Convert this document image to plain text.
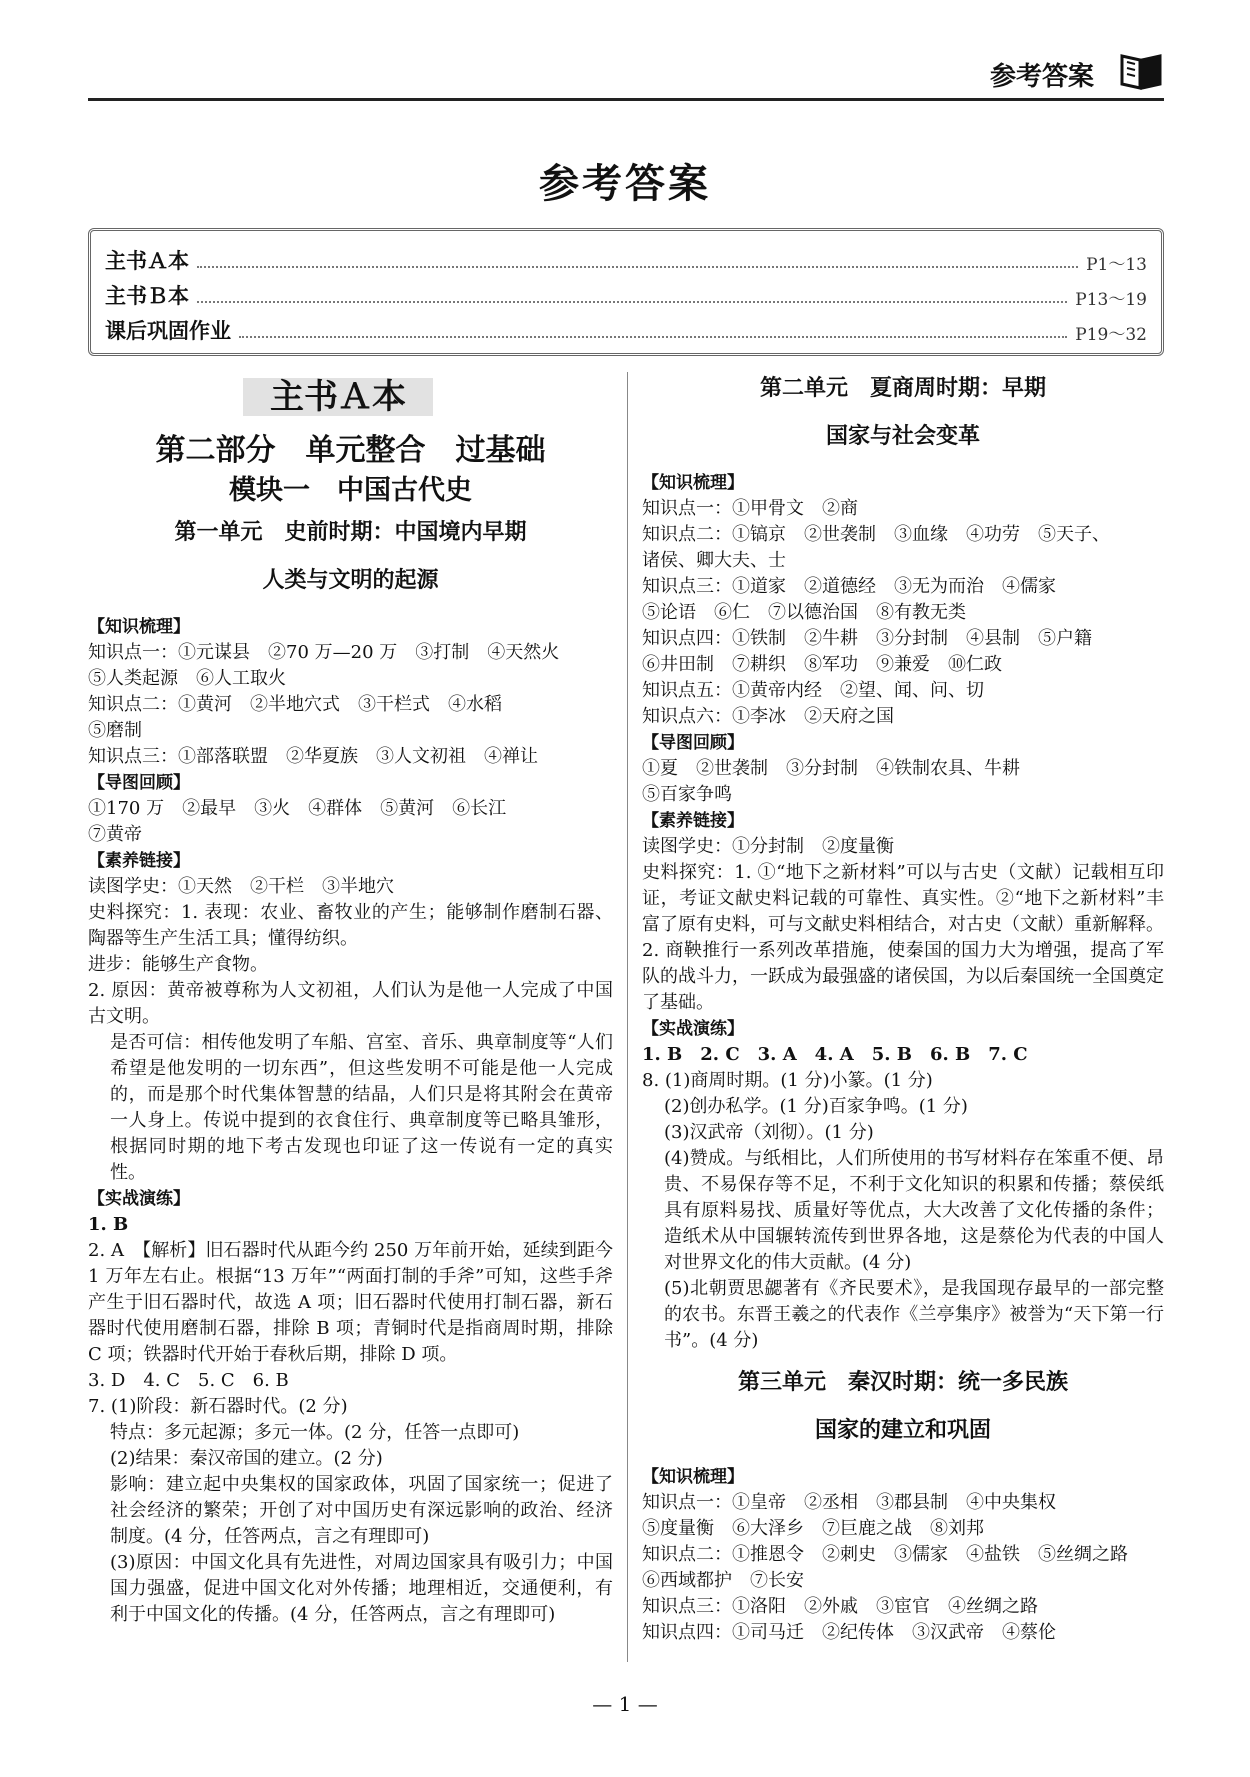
参考答案
参考答案
主书Ａ本	P1～13
主书Ｂ本	P13～19
课后巩固作业	P19～32
主书Ａ本
第二部分　单元整合　过基础
模块一　中国古代史
第一单元　史前时期：中国境内早期
人类与文明的起源
【知识梳理】
知识点一：①元谋县　②70 万—20 万　③打制　④天然火
⑤人类起源　⑥人工取火
知识点二：①黄河　②半地穴式　③干栏式　④水稻
⑤磨制
知识点三：①部落联盟　②华夏族　③人文初祖　④禅让
【导图回顾】
①170 万　②最早　③火　④群体　⑤黄河　⑥长江
⑦黄帝
【素养链接】
读图学史：①天然　②干栏　③半地穴
史料探究：1. 表现：农业、畜牧业的产生；能够制作磨制石器、陶器等生产生活工具；懂得纺织。
进步：能够生产食物。
2. 原因：黄帝被尊称为人文初祖，人们认为是他一人完成了中国古文明。
是否可信：相传他发明了车船、宫室、音乐、典章制度等“人们希望是他发明的一切东西”，但这些发明不可能是他一人完成的，而是那个时代集体智慧的结晶，人们只是将其附会在黄帝一人身上。传说中提到的衣食住行、典章制度等已略具雏形，根据同时期的地下考古发现也印证了这一传说有一定的真实性。
【实战演练】
1. B
2. A　【解析】旧石器时代从距今约 250 万年前开始，延续到距今 1 万年左右止。根据“13 万年”“两面打制的手斧”可知，这些手斧产生于旧石器时代，故选 A 项；旧石器时代使用打制石器，新石器时代使用磨制石器，排除 B 项；青铜时代是指商周时期，排除 C 项；铁器时代开始于春秋后期，排除 D 项。
3. D　4. C　5. C　6. B
7. (1)阶段：新石器时代。(2 分)
特点：多元起源；多元一体。(2 分，任答一点即可)
(2)结果：秦汉帝国的建立。(2 分)
影响：建立起中央集权的国家政体，巩固了国家统一；促进了社会经济的繁荣；开创了对中国历史有深远影响的政治、经济制度。(4 分，任答两点，言之有理即可)
(3)原因：中国文化具有先进性，对周边国家具有吸引力；中国国力强盛，促进中国文化对外传播；地理相近，交通便利，有利于中国文化的传播。(4 分，任答两点，言之有理即可)
第二单元　夏商周时期：早期
国家与社会变革
【知识梳理】
知识点一：①甲骨文　②商
知识点二：①镐京　②世袭制　③血缘　④功劳　⑤天子、
诸侯、卿大夫、士
知识点三：①道家　②道德经　③无为而治　④儒家
⑤论语　⑥仁　⑦以德治国　⑧有教无类
知识点四：①铁制　②牛耕　③分封制　④县制　⑤户籍
⑥井田制　⑦耕织　⑧军功　⑨兼爱　⑩仁政
知识点五：①黄帝内经　②望、闻、问、切
知识点六：①李冰　②天府之国
【导图回顾】
①夏　②世袭制　③分封制　④铁制农具、牛耕
⑤百家争鸣
【素养链接】
读图学史：①分封制　②度量衡
史料探究：1. ①“地下之新材料”可以与古史（文献）记载相互印证，考证文献史料记载的可靠性、真实性。②“地下之新材料”丰富了原有史料，可与文献史料相结合，对古史（文献）重新解释。
2. 商鞅推行一系列改革措施，使秦国的国力大为增强，提高了军队的战斗力，一跃成为最强盛的诸侯国，为以后秦国统一全国奠定了基础。
【实战演练】
1. B　2. C　3. A　4. A　5. B　6. B　7. C
8. (1)商周时期。(1 分)小篆。(1 分)
(2)创办私学。(1 分)百家争鸣。(1 分)
(3)汉武帝（刘彻）。(1 分)
(4)赞成。与纸相比，人们所使用的书写材料存在笨重不便、昂贵、不易保存等不足，不利于文化知识的积累和传播；蔡侯纸具有原料易找、质量好等优点，大大改善了文化传播的条件；造纸术从中国辗转流传到世界各地，这是蔡伦为代表的中国人对世界文化的伟大贡献。(4 分)
(5)北朝贾思勰著有《齐民要术》，是我国现存最早的一部完整的农书。东晋王羲之的代表作《兰亭集序》被誉为“天下第一行书”。(4 分)
第三单元　秦汉时期：统一多民族
国家的建立和巩固
【知识梳理】
知识点一：①皇帝　②丞相　③郡县制　④中央集权
⑤度量衡　⑥大泽乡　⑦巨鹿之战　⑧刘邦
知识点二：①推恩令　②刺史　③儒家　④盐铁　⑤丝绸之路
⑥西域都护　⑦长安
知识点三：①洛阳　②外戚　③宦官　④丝绸之路
知识点四：①司马迁　②纪传体　③汉武帝　④蔡伦
— 1 —
